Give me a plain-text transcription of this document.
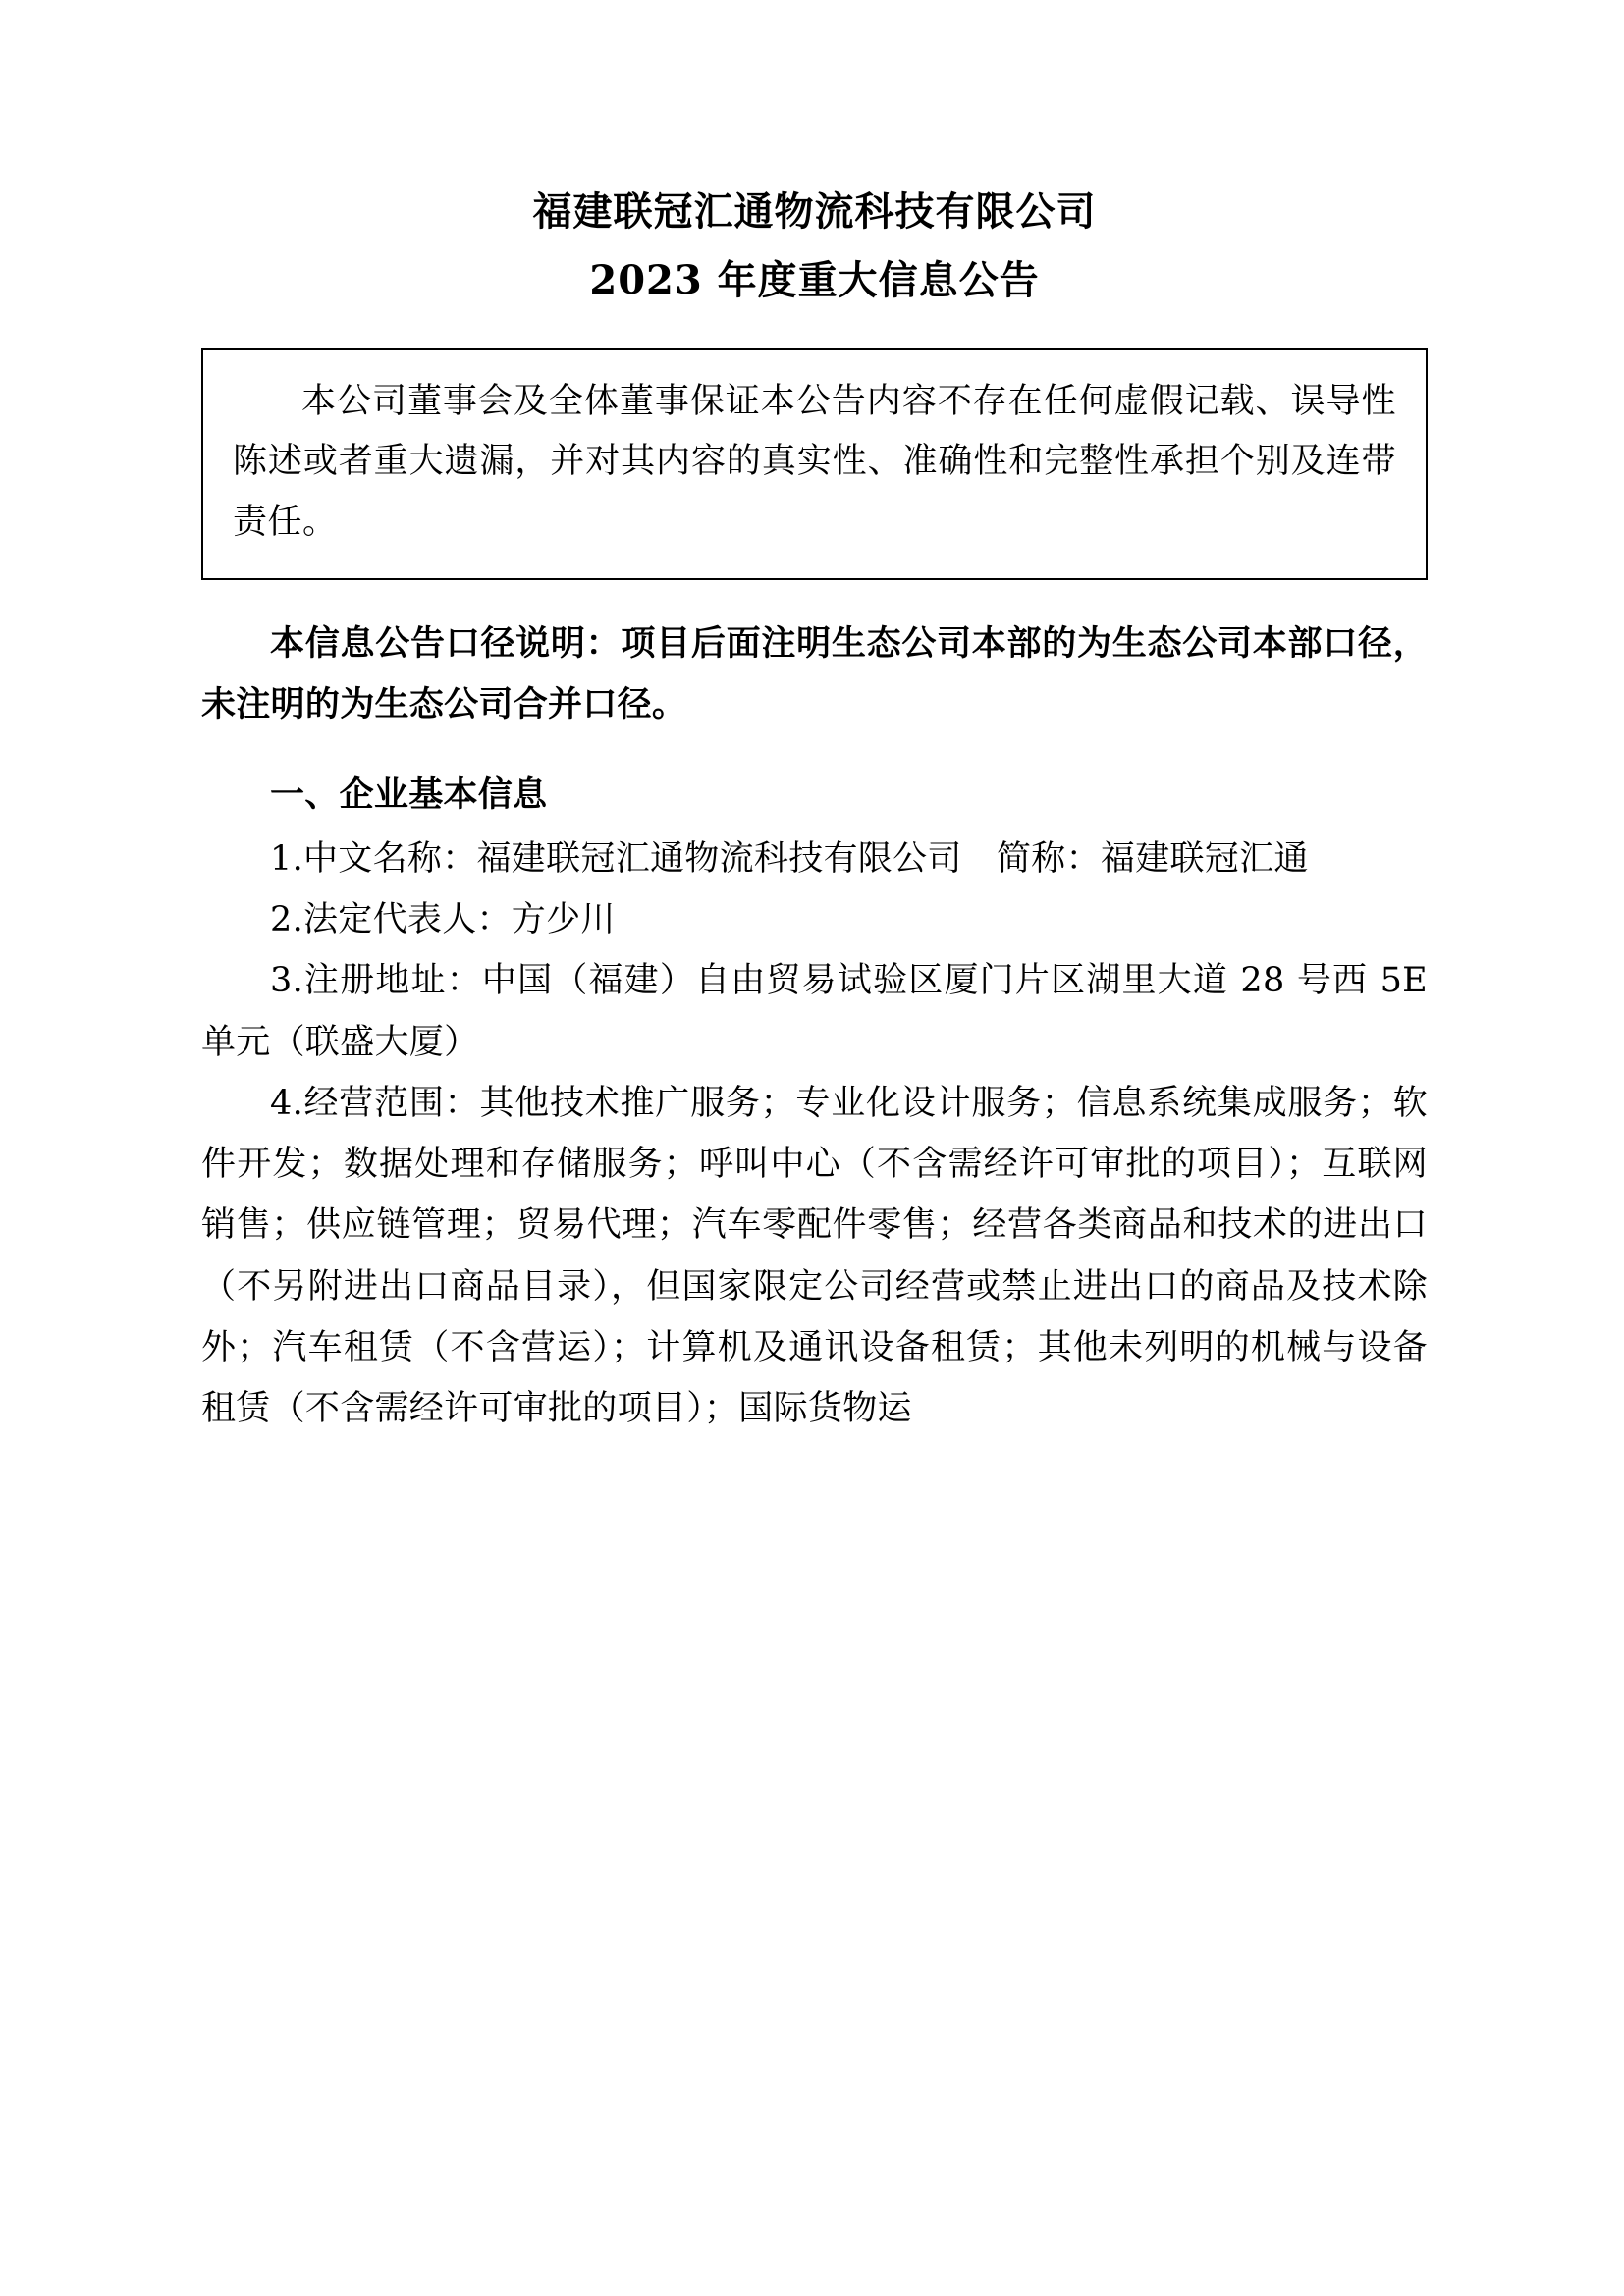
福建联冠汇通物流科技有限公司
2023 年度重大信息公告

本公司董事会及全体董事保证本公告内容不存在任何虚假记载、误导性陈述或者重大遗漏，并对其内容的真实性、准确性和完整性承担个别及连带责任。

本信息公告口径说明：项目后面注明生态公司本部的为生态公司本部口径，未注明的为生态公司合并口径。

一、企业基本信息

1.中文名称：福建联冠汇通物流科技有限公司　简称：福建联冠汇通

2.法定代表人：方少川

3.注册地址：中国（福建）自由贸易试验区厦门片区湖里大道 28 号西 5E 单元（联盛大厦）

4.经营范围：其他技术推广服务；专业化设计服务；信息系统集成服务；软件开发；数据处理和存储服务；呼叫中心（不含需经许可审批的项目）；互联网销售；供应链管理；贸易代理；汽车零配件零售；经营各类商品和技术的进出口（不另附进出口商品目录），但国家限定公司经营或禁止进出口的商品及技术除外；汽车租赁（不含营运）；计算机及通讯设备租赁；其他未列明的机械与设备租赁（不含需经许可审批的项目）；国际货物运
